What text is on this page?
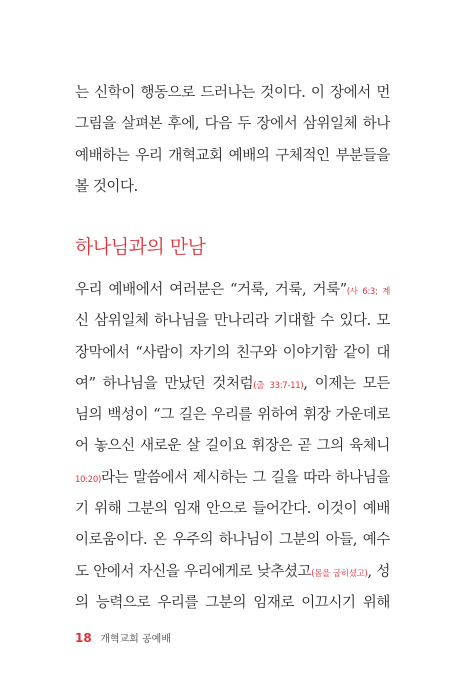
는 신학이 행동으로 드러나는 것이다. 이 장에서 먼
그림을 살펴본 후에, 다음 두 장에서 삼위일체 하나
예배하는 우리 개혁교회 예배의 구체적인 부분들을
볼 것이다.
하나님과의 만남
우리 예배에서 여러분은 “거룩, 거룩, 거룩”(사 6:3; 계
신 삼위일체 하나님을 만나리라 기대할 수 있다. 모
장막에서 “사람이 자기의 친구와 이야기함 같이 대
여” 하나님을 만났던 것처럼(출 33:7-11), 이제는 모든
님의 백성이 “그 길은 우리를 위하여 휘장 가운데로
어 놓으신 새로운 살 길이요 휘장은 곧 그의 육체니
10:20)라는 말씀에서 제시하는 그 길을 따라 하나님을
기 위해 그분의 임재 안으로 들어간다. 이것이 예배
이로움이다. 온 우주의 하나님이 그분의 아들, 예수
도 안에서 자신을 우리에게로 낮추셨고(몸을 굽히셨고), 성
의 능력으로 우리를 그분의 임재로 이끄시기 위해
18 개혁교회 공예배
